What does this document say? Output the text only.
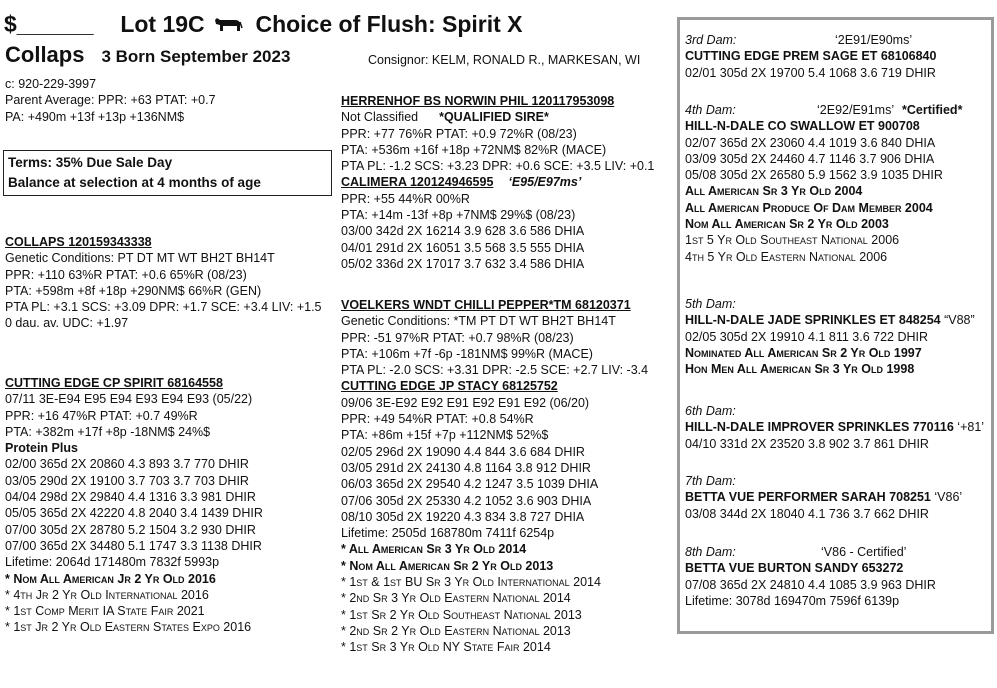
$______ Lot 19C Choice of Flush: Spirit X
Collaps 3 Born September 2023	Consignor: KELM, RONALD R., MARKESAN, WI
c: 920-229-3997
Parent Average: PPR: +63 PTAT: +0.7
PA: +490m +13f +13p +136NM$
Terms: 35% Due Sale Day
Balance at selection at 4 months of age
COLLAPS 120159343338
Genetic Conditions: PT DT MT WT BH2T BH14T
PPR: +110 63%R PTAT: +0.6 65%R (08/23)
PTA: +598m +8f +18p +290NM$ 66%R (GEN)
PTA PL: +3.1 SCS: +3.09 DPR: +1.7 SCE: +3.4 LIV: +1.5
0 dau. av. UDC: +1.97
CUTTING EDGE CP SPIRIT 68164558
07/11 3E-E94 E95 E94 E93 E94 E93 (05/22)
PPR: +16 47%R PTAT: +0.7 49%R
PTA: +382m +17f +8p -18NM$ 24%$
Protein Plus
02/00 365d 2X 20860 4.3 893 3.7 770 DHIR
03/05 290d 2X 19100 3.7 703 3.7 703 DHIR
04/04 298d 2X 29840 4.4 1316 3.3 981 DHIR
05/05 365d 2X 42220 4.8 2040 3.4 1439 DHIR
07/00 305d 2X 28780 5.2 1504 3.2 930 DHIR
07/00 365d 2X 34480 5.1 1747 3.3 1138 DHIR
Lifetime: 2064d 171480m 7832f 5993p
* Nom All American Jr 2 Yr Old 2016
* 4th Jr 2 Yr Old International 2016
* 1st Comp Merit IA State Fair 2021
* 1st Jr 2 Yr Old Eastern States Expo 2016
HERRENHOF BS NORWIN PHIL 120117953098
Not Classified *QUALIFIED SIRE*
PPR: +77 76%R PTAT: +0.9 72%R (08/23)
PTA: +536m +16f +18p +72NM$ 82%R (MACE)
PTA PL: -1.2 SCS: +3.23 DPR: +0.6 SCE: +3.5 LIV: +0.1
CALIMERA 120124946595 ‘E95/E97ms’
PPR: +55 44%R 00%R
PTA: +14m -13f +8p +7NM$ 29%$ (08/23)
03/00 342d 2X 16214 3.9 628 3.6 586 DHIA
04/01 291d 2X 16051 3.5 568 3.5 555 DHIA
05/02 336d 2X 17017 3.7 632 3.4 586 DHIA
VOELKERS WNDT CHILLI PEPPER*TM 68120371
Genetic Conditions: *TM PT DT WT BH2T BH14T
PPR: -51 97%R PTAT: +0.7 98%R (08/23)
PTA: +106m +7f -6p -181NM$ 99%R (MACE)
PTA PL: -2.0 SCS: +3.31 DPR: -2.5 SCE: +2.7 LIV: -3.4
CUTTING EDGE JP STACY 68125752
09/06 3E-E92 E92 E91 E92 E91 E92 (06/20)
PPR: +49 54%R PTAT: +0.8 54%R
PTA: +86m +15f +7p +112NM$ 52%$
02/05 296d 2X 19090 4.4 844 3.6 684 DHIR
03/05 291d 2X 24130 4.8 1164 3.8 912 DHIR
06/03 365d 2X 29540 4.2 1247 3.5 1039 DHIA
07/06 305d 2X 25330 4.2 1052 3.6 903 DHIA
08/10 305d 2X 19220 4.3 834 3.8 727 DHIA
Lifetime: 2505d 168780m 7411f 6254p
* All American Sr 3 Yr Old 2014
* Nom All American Sr 2 Yr Old 2013
* 1st & 1st BU Sr 3 Yr Old International 2014
* 2nd Sr 3 Yr Old Eastern National 2014
* 1st Sr 2 Yr Old Southeast National 2013
* 2nd Sr 2 Yr Old Eastern National 2013
* 1st Sr 3 Yr Old NY State Fair 2014
3rd Dam:	‘2E91/E90ms’
CUTTING EDGE PREM SAGE ET 68106840
02/01 305d 2X 19700 5.4 1068 3.6 719 DHIR
4th Dam:	‘2E92/E91ms’ *Certified*
HILL-N-DALE CO SWALLOW ET 900708
02/07 365d 2X 23060 4.4 1019 3.6 840 DHIA
03/09 305d 2X 24460 4.7 1146 3.7 906 DHIA
05/08 305d 2X 26580 5.9 1562 3.9 1035 DHIR
All American Sr 3 Yr Old 2004
All American Produce Of Dam Member 2004
Nom All American Sr 2 Yr Old 2003
1st 5 Yr Old Southeast National 2006
4th 5 Yr Old Eastern National 2006
5th Dam:
HILL-N-DALE JADE SPRINKLES ET 848254 “V88”
02/05 305d 2X 19910 4.1 811 3.6 722 DHIR
Nominated All American Sr 2 Yr Old 1997
Hon Men All American Sr 3 Yr Old 1998
6th Dam:
HILL-N-DALE IMPROVER SPRINKLES 770116 ‘+81’
04/10 331d 2X 23520 3.8 902 3.7 861 DHIR
7th Dam:
BETTA VUE PERFORMER SARAH 708251 ‘V86’
03/08 344d 2X 18040 4.1 736 3.7 662 DHIR
8th Dam:	‘V86 - Certified’
BETTA VUE BURTON SANDY 653272
07/08 365d 2X 24810 4.4 1085 3.9 963 DHIR
Lifetime: 3078d 169470m 7596f 6139p
